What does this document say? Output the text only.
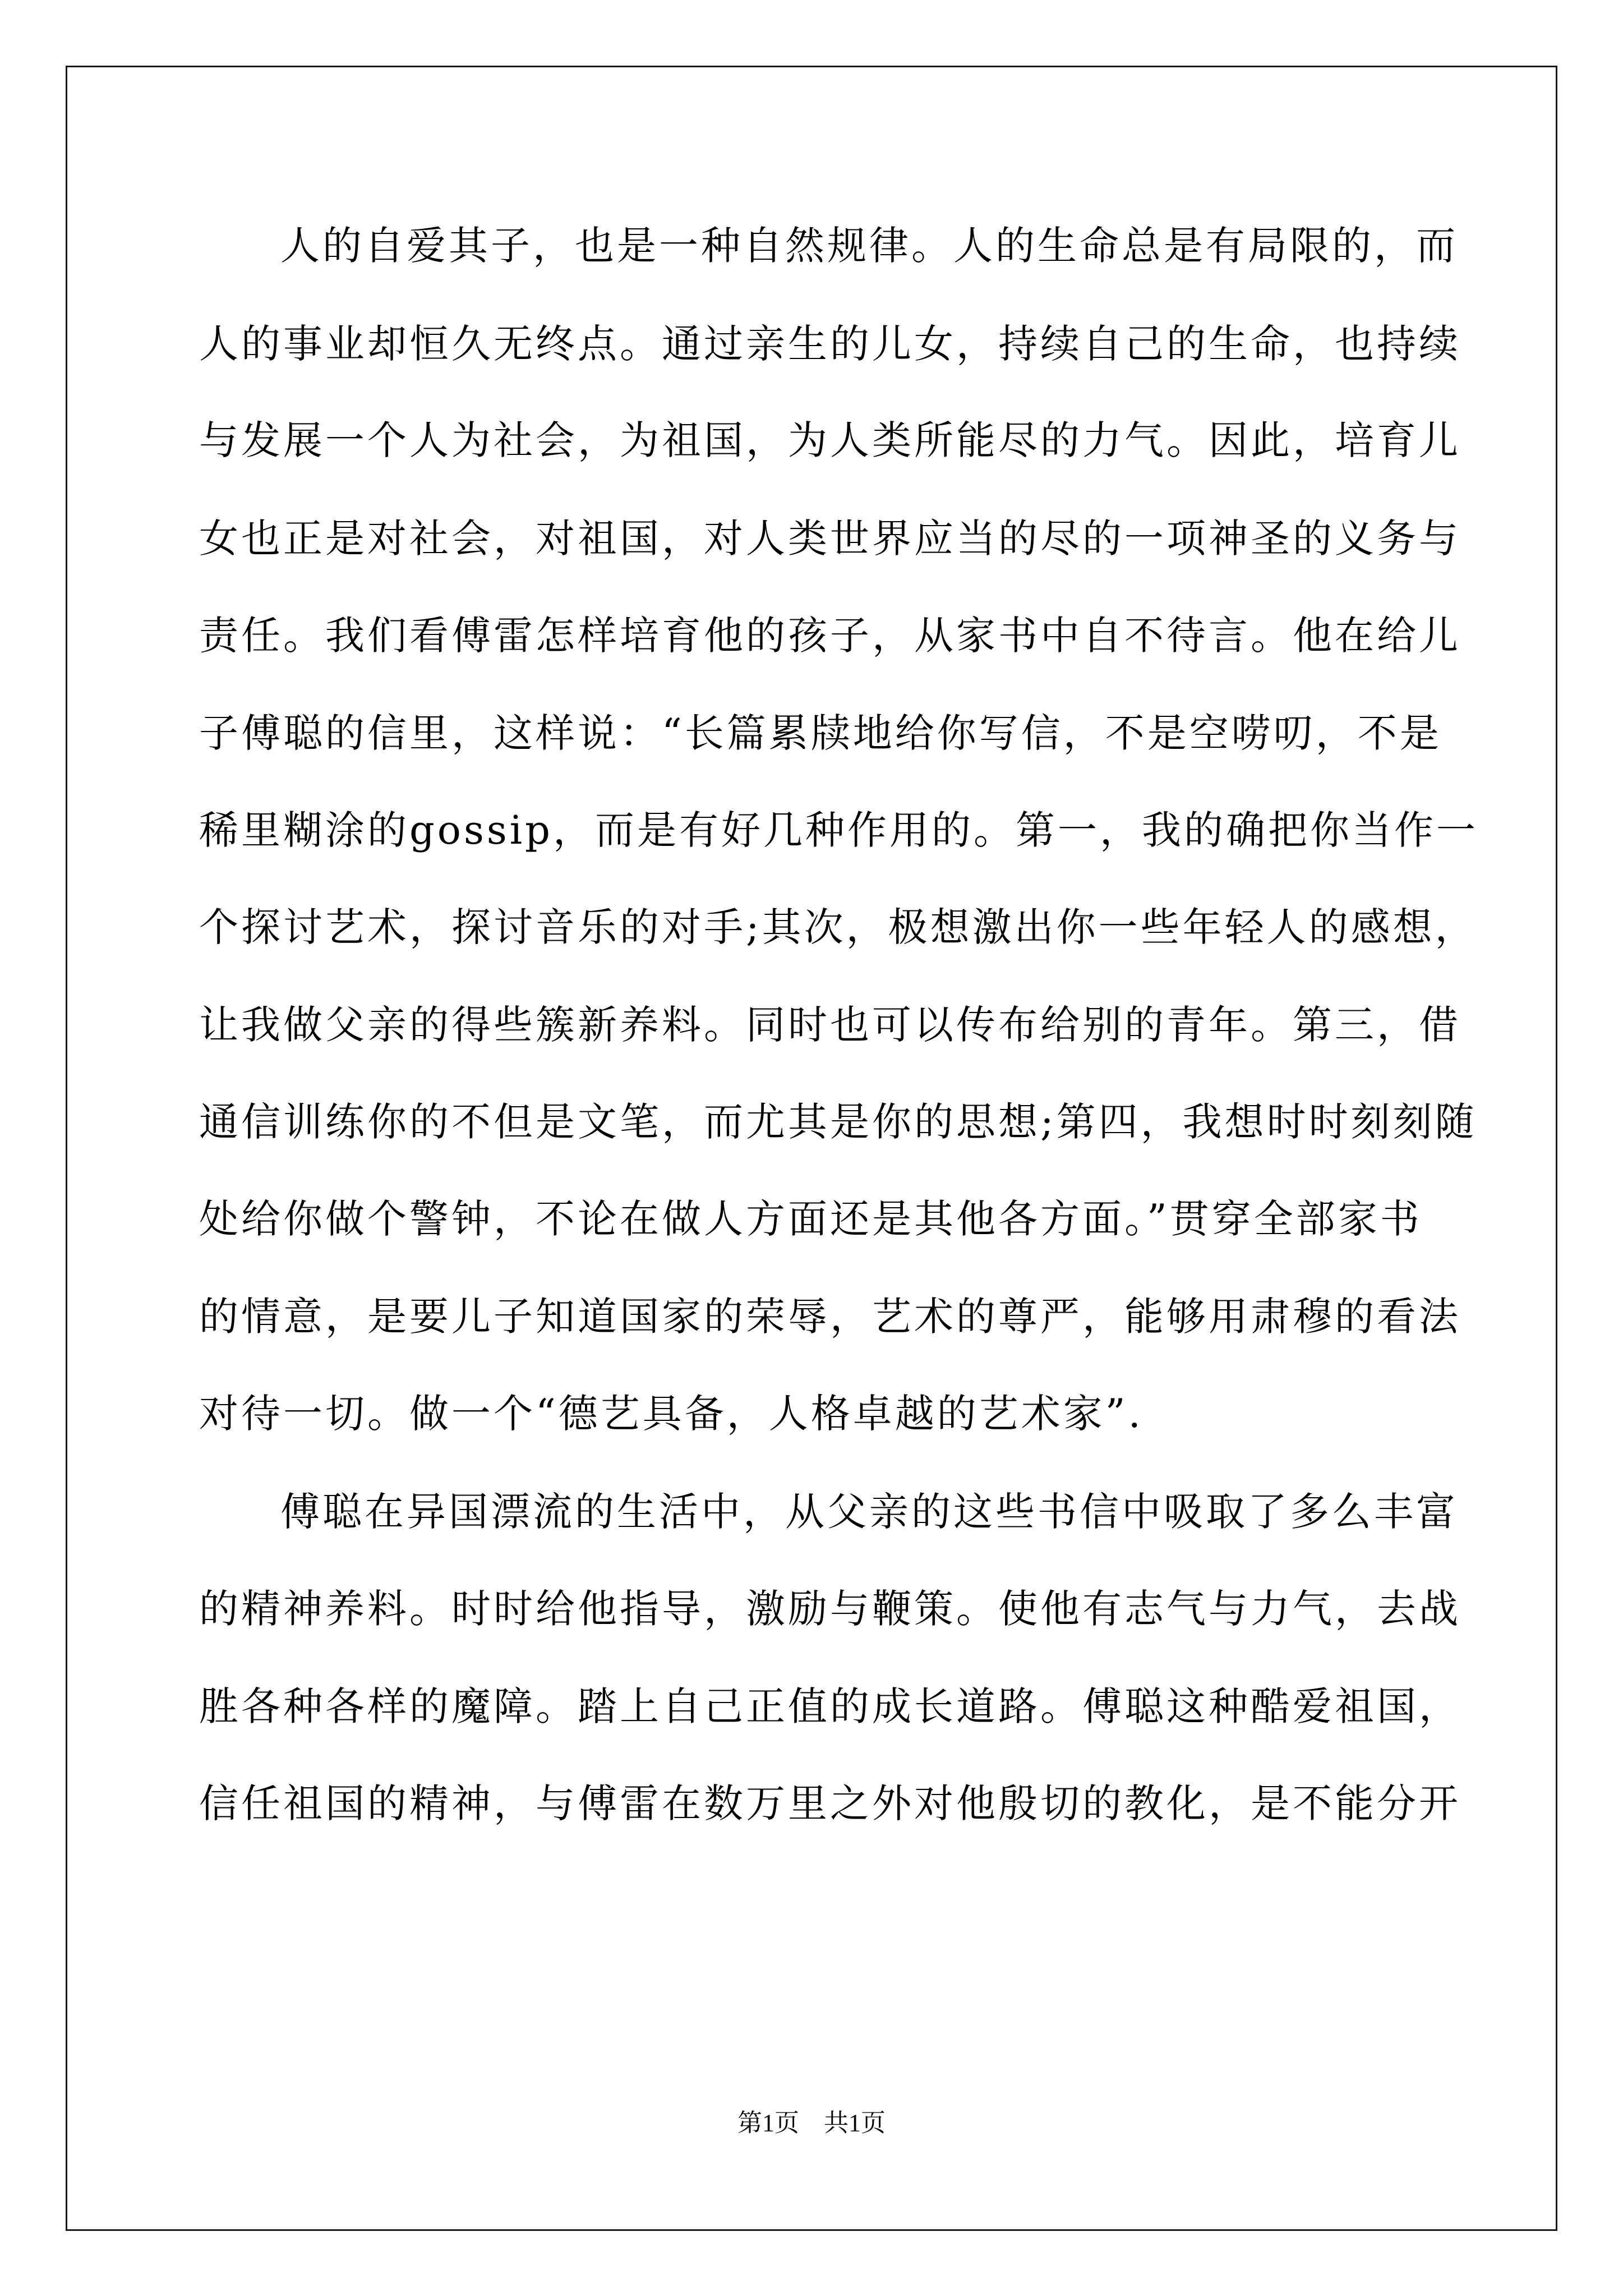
人的自爱其子，也是一种自然规律。人的生命总是有局限的，而
人的事业却恒久无终点。通过亲生的儿女，持续自己的生命，也持续
与发展一个人为社会，为祖国，为人类所能尽的力气。因此，培育儿
女也正是对社会，对祖国，对人类世界应当的尽的一项神圣的义务与
责任。我们看傅雷怎样培育他的孩子，从家书中自不待言。他在给儿
子傅聪的信里，这样说：“长篇累牍地给你写信，不是空唠叨，不是
稀里糊涂的gossip，而是有好几种作用的。第一，我的确把你当作一
个探讨艺术，探讨音乐的对手;其次，极想激出你一些年轻人的感想，
让我做父亲的得些簇新养料。同时也可以传布给别的青年。第三，借
通信训练你的不但是文笔，而尤其是你的思想;第四，我想时时刻刻随
处给你做个警钟，不论在做人方面还是其他各方面。”贯穿全部家书
的情意，是要儿子知道国家的荣辱，艺术的尊严，能够用肃穆的看法
对待一切。做一个“德艺具备，人格卓越的艺术家”.
傅聪在异国漂流的生活中，从父亲的这些书信中吸取了多么丰富
的精神养料。时时给他指导，激励与鞭策。使他有志气与力气，去战
胜各种各样的魔障。踏上自己正值的成长道路。傅聪这种酷爱祖国，
信任祖国的精神，与傅雷在数万里之外对他殷切的教化，是不能分开
第1页　共1页
